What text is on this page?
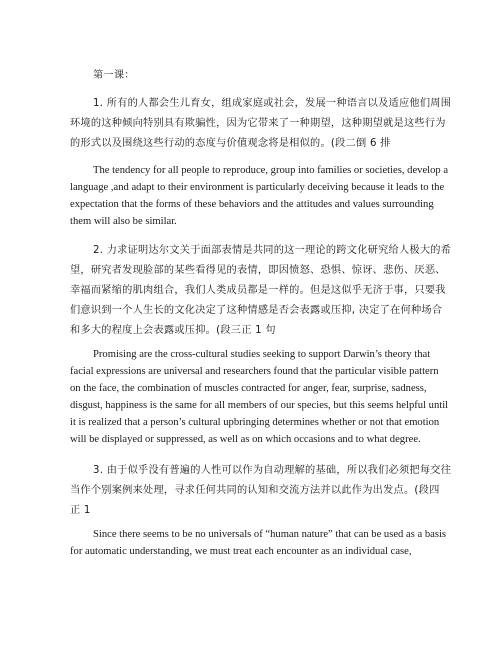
第一课：

1. 所有的人都会生儿育女，组成家庭或社会，发展一种语言以及适应他们周围

环境的这种倾向特别具有欺骗性，因为它带来了一种期望，这种期望就是这些行为

的形式以及围绕这些行动的态度与价值观念将是相似的。(段二倒 6 排

The tendency for all people to reproduce, group into families or societies, develop a

language ,and adapt to their environment is particularly deceiving because it leads to the

expectation that the forms of these behaviors and the attitudes and values surrounding

them will also be similar.

2. 力求证明达尔文关于面部表情是共同的这一理论的跨文化研究给人极大的希

望，研究者发现脸部的某些看得见的表情，即因愤怒、恐惧、惊讶、悲伤、厌恶、

幸福而紧缩的肌肉组合，我们人类成员都是一样的。但是这似乎无济于事，只要我

们意识到一个人生长的文化决定了这种情感是否会表露或压抑, 决定了在何种场合

和多大的程度上会表露或压抑。(段三正 1 句

Promising are the cross-cultural studies seeking to support Darwin’s theory that

facial expressions are universal and researchers found that the particular visible pattern

on the face, the combination of muscles contracted for anger, fear, surprise, sadness,

disgust, happiness is the same for all members of our species, but this seems helpful until

it is realized that a person’s cultural upbringing determines whether or not that emotion

will be displayed or suppressed, as well as on which occasions and to what degree.

3. 由于似乎没有普遍的人性可以作为自动理解的基础，所以我们必须把每交往

当作个别案例来处理，寻求任何共同的认知和交流方法并以此作为出发点。(段四

正 1

Since there seems to be no universals of “human nature” that can be used as a basis

for automatic understanding, we must treat each encounter as an individual case,
